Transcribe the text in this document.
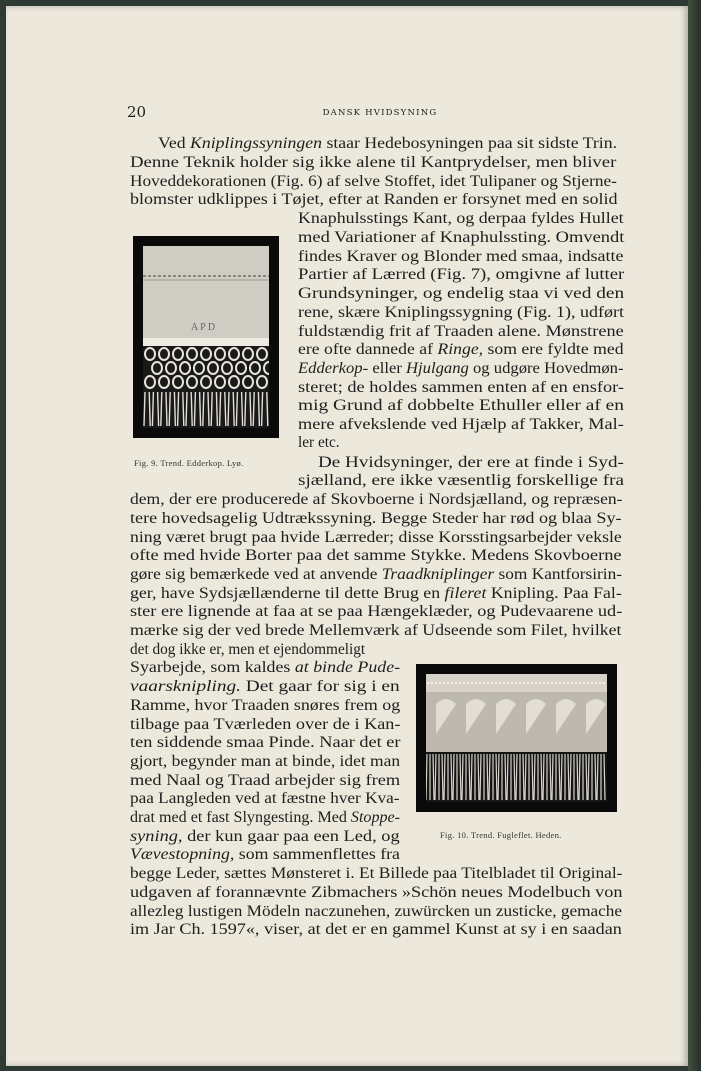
20	DANSK HVIDSYNING
Ved Kniplingssyningen staar Hedebosyningen paa sit sidste Trin.
Denne Teknik holder sig ikke alene til Kantprydelser, men bliver
Hoveddekorationen (Fig. 6) af selve Stoffet, idet Tulipaner og Stjerne-
blomster udklippes i Tøjet, efter at Randen er forsynet med en solid
Knaphulsstings Kant, og derpaa fyldes Hullet
med Variationer af Knaphulssting. Omvendt
findes Kraver og Blonder med smaa, indsatte
Partier af Lærred (Fig. 7), omgivne af lutter
Grundsyninger, og endelig staa vi ved den
rene, skære Kniplingssygning (Fig. 1), udført
fuldstændig frit af Traaden alene. Mønstrene
ere ofte dannede af Ringe, som ere fyldte med
Edderkop- eller Hjulgang og udgøre Hovedmøn-
steret; de holdes sammen enten af en ensfor-
mig Grund af dobbelte Ethuller eller af en
mere afvekslende ved Hjælp af Takker, Mal-
ler etc.
De Hvidsyninger, der ere at finde i Syd-
sjælland, ere ikke væsentlig forskellige fra
dem, der ere producerede af Skovboerne i Nordsjælland, og repræsen-
tere hovedsagelig Udtrækssyning. Begge Steder har rød og blaa Sy-
ning været brugt paa hvide Lærreder; disse Korsstingsarbejder veksle
ofte med hvide Borter paa det samme Stykke. Medens Skovboerne
gøre sig bemærkede ved at anvende Traadkniplinger som Kantforsirin-
ger, have Sydsjællænderne til dette Brug en fileret Knipling. Paa Fal-
ster ere lignende at faa at se paa Hængeklæder, og Pudevaarene ud-
mærke sig der ved brede Mellemværk af Udseende som Filet, hvilket
det dog ikke er, men et ejendommeligt
Syarbejde, som kaldes at binde Pude-
vaarsknipling. Det gaar for sig i en
Ramme, hvor Traaden snøres frem og
tilbage paa Tværleden over de i Kan-
ten siddende smaa Pinde. Naar det er
gjort, begynder man at binde, idet man
med Naal og Traad arbejder sig frem
paa Langleden ved at fæstne hver Kva-
drat med et fast Slyngesting. Med Stoppe-
syning, der kun gaar paa een Led, og
Vævestopning, som sammenflettes fra
begge Leder, sættes Mønsteret i. Et Billede paa Titelbladet til Original-
udgaven af forannævnte Zibmachers »Schön neues Modelbuch von
allezleg lustigen Mödeln naczunehen, zuwürcken un zusticke, gemache
im Jar Ch. 1597«, viser, at det er en gammel Kunst at sy i en saadan
A P D
Fig. 9. Trend. Edderkop. Lyø.
Fig. 10. Trend. Fugleflet. Heden.
